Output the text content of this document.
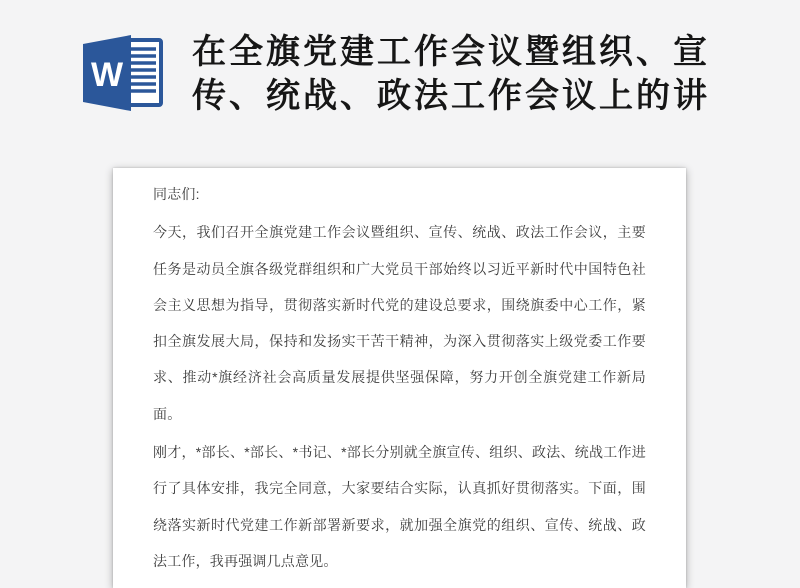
W
在全旗党建工作会议暨组织、宣
传、统战、政法工作会议上的讲

同志们:

今天，我们召开全旗党建工作会议暨组织、宣传、统战、政法工作会议，主要任务是动员全旗各级党群组织和广大党员干部始终以习近平新时代中国特色社会主义思想为指导，贯彻落实新时代党的建设总要求，围绕旗委中心工作，紧扣全旗发展大局，保持和发扬实干苦干精神，为深入贯彻落实上级党委工作要求、推动*旗经济社会高质量发展提供坚强保障，努力开创全旗党建工作新局面。

刚才，*部长、*部长、*书记、*部长分别就全旗宣传、组织、政法、统战工作进行了具体安排，我完全同意，大家要结合实际，认真抓好贯彻落实。下面，围绕落实新时代党建工作新部署新要求，就加强全旗党的组织、宣传、统战、政法工作，我再强调几点意见。
